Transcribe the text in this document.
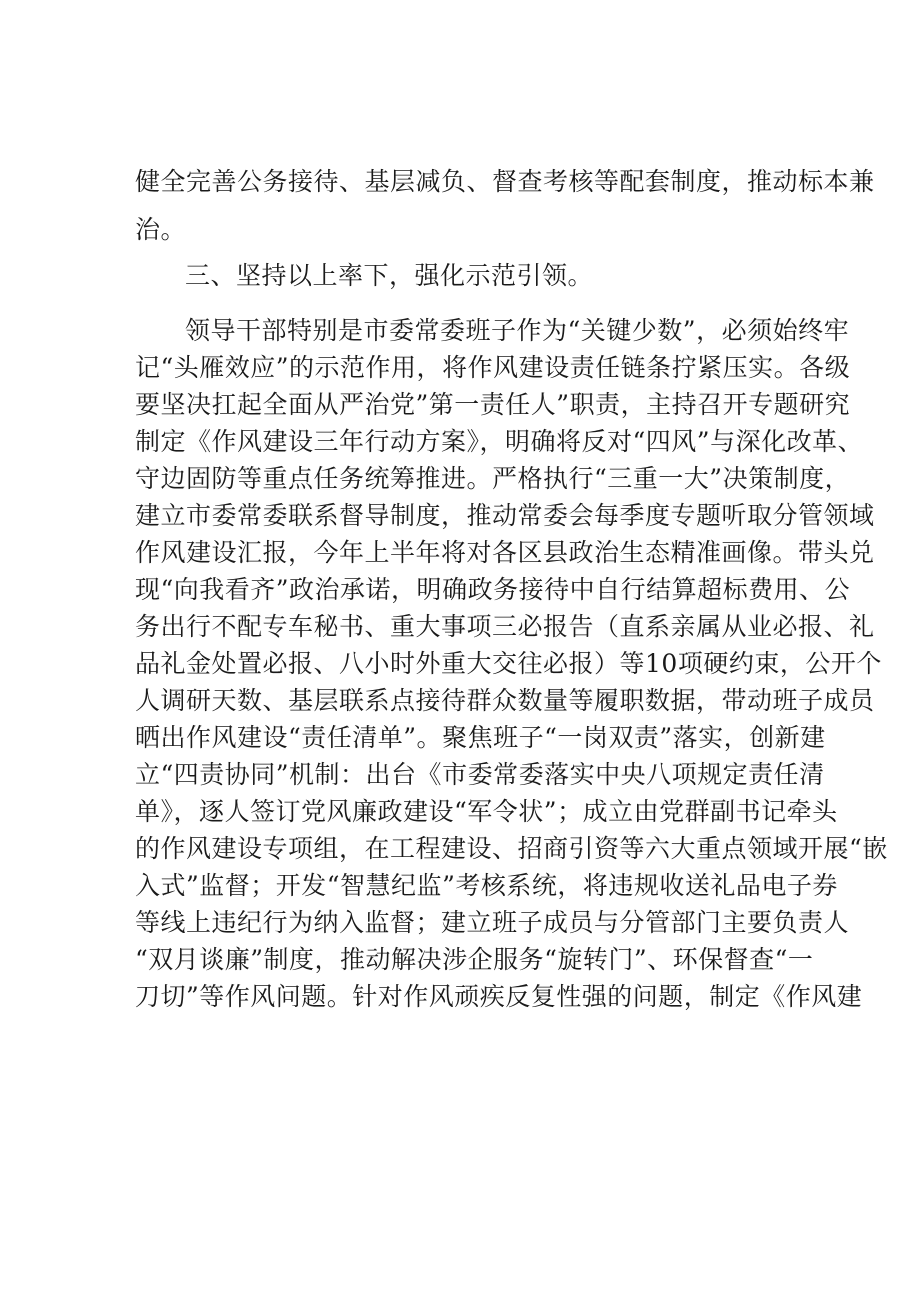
健全完善公务接待、基层减负、督查考核等配套制度，推动标本兼
治。
三、坚持以上率下，强化示范引领。
领导干部特别是市委常委班子作为“关键少数”，必须始终牢
记“头雁效应”的示范作用，将作风建设责任链条拧紧压实。各级
要坚决扛起全面从严治党”第一责任人”职责，主持召开专题研究
制定《作风建设三年行动方案》，明确将反对“四风”与深化改革、
守边固防等重点任务统筹推进。严格执行“三重一大”决策制度，
建立市委常委联系督导制度，推动常委会每季度专题听取分管领域
作风建设汇报，今年上半年将对各区县政治生态精准画像。带头兑
现“向我看齐”政治承诺，明确政务接待中自行结算超标费用、公
务出行不配专车秘书、重大事项三必报告（直系亲属从业必报、礼
品礼金处置必报、八小时外重大交往必报）等10项硬约束，公开个
人调研天数、基层联系点接待群众数量等履职数据，带动班子成员
晒出作风建设“责任清单”。聚焦班子“一岗双责”落实，创新建
立“四责协同”机制：出台《市委常委落实中央八项规定责任清
单》，逐人签订党风廉政建设“军令状”；成立由党群副书记牵头
的作风建设专项组，在工程建设、招商引资等六大重点领域开展“嵌
入式”监督；开发“智慧纪监”考核系统，将违规收送礼品电子券
等线上违纪行为纳入监督；建立班子成员与分管部门主要负责人
“双月谈廉”制度，推动解决涉企服务“旋转门”、环保督查“一
刀切”等作风问题。针对作风顽疾反复性强的问题，制定《作风建
